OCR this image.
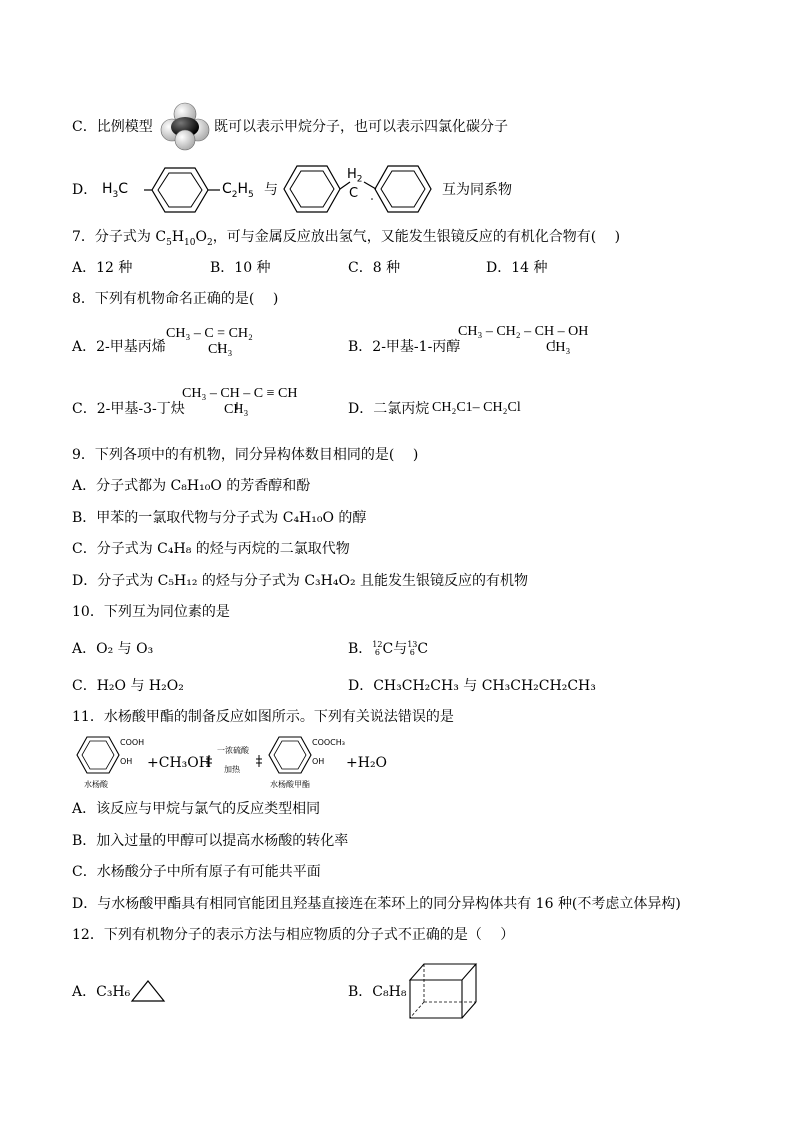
C．比例模型	既可以表示甲烷分子，也可以表示四氯化碳分子
D． $H_3C$	$C_2H_5$ 与
$H_2$
C	互为同系物
7．分子式为 $C_5H_{10}O_2$，可与金属反应放出氢气，又能发生银镜反应的有机化合物有(　 )
A．12 种	B．10 种	C．8 种	D．14 种
8．下列有机物命名正确的是(　 )
A．2-甲基丙烯
CH₃ – C = CH₂
CH₃	B．2-甲基-1-丙醇
CH₃ – CH₂ – CH – OH
CH₃
C．2-甲基-3-丁炔
CH₃ – CH – C ≡ CH
CH₃	D．二氯丙烷 CH₂C1– CH₂Cl
9．下列各项中的有机物，同分异构体数目相同的是(　 )
A．分子式都为 C₈H₁₀O 的芳香醇和酚
B．甲苯的一氯取代物与分子式为 C₄H₁₀O 的醇
C．分子式为 C₄H₈ 的烃与丙烷的二氯取代物
D．分子式为 C₅H₁₂ 的烃与分子式为 C₃H₄O₂ 且能发生银镜反应的有机物
10．下列互为同位素的是
A．O₂ 与 O₃	B．12
6 C与13
6 C
C．H₂O 与 H₂O₂	D．CH₃CH₂CH₃ 与 CH₃CH₂CH₂CH₃
11．水杨酸甲酯的制备反应如图所示。下列有关说法错误的是
COOH
OH
水杨酸
+CH₃OH
一浓硫酸
加热
COOCH₃
OH
水杨酸甲酯
+H₂O
A．该反应与甲烷与氯气的反应类型相同
B．加入过量的甲醇可以提高水杨酸的转化率
C．水杨酸分子中所有原子有可能共平面
D．与水杨酸甲酯具有相同官能团且羟基直接连在苯环上的同分异构体共有 16 种(不考虑立体异构)
12．下列有机物分子的表示方法与相应物质的分子式不正确的是（　 ）
A．C₃H₆	B．C₈H₈
